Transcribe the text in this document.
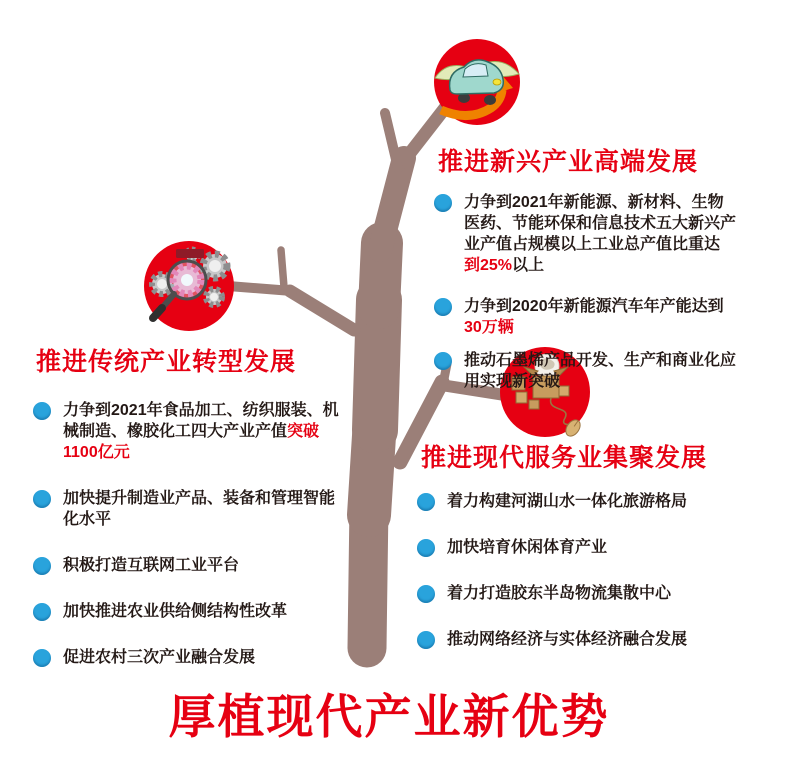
推进新兴产业高端发展

力争到2021年新能源、新材料、生物医药、节能环保和信息技术五大新兴产业产值占规模以上工业总产值比重达到25%以上

力争到2020年新能源汽车年产能达到30万辆

推动石墨烯产品开发、生产和商业化应用实现新突破

推进传统产业转型发展

力争到2021年食品加工、纺织服装、机械制造、橡胶化工四大产业产值突破1100亿元

加快提升制造业产品、装备和管理智能化水平

积极打造互联网工业平台

加快推进农业供给侧结构性改革

促进农村三次产业融合发展

推进现代服务业集聚发展

着力构建河湖山水一体化旅游格局

加快培育休闲体育产业

着力打造胶东半岛物流集散中心

推动网络经济与实体经济融合发展

厚植现代产业新优势
